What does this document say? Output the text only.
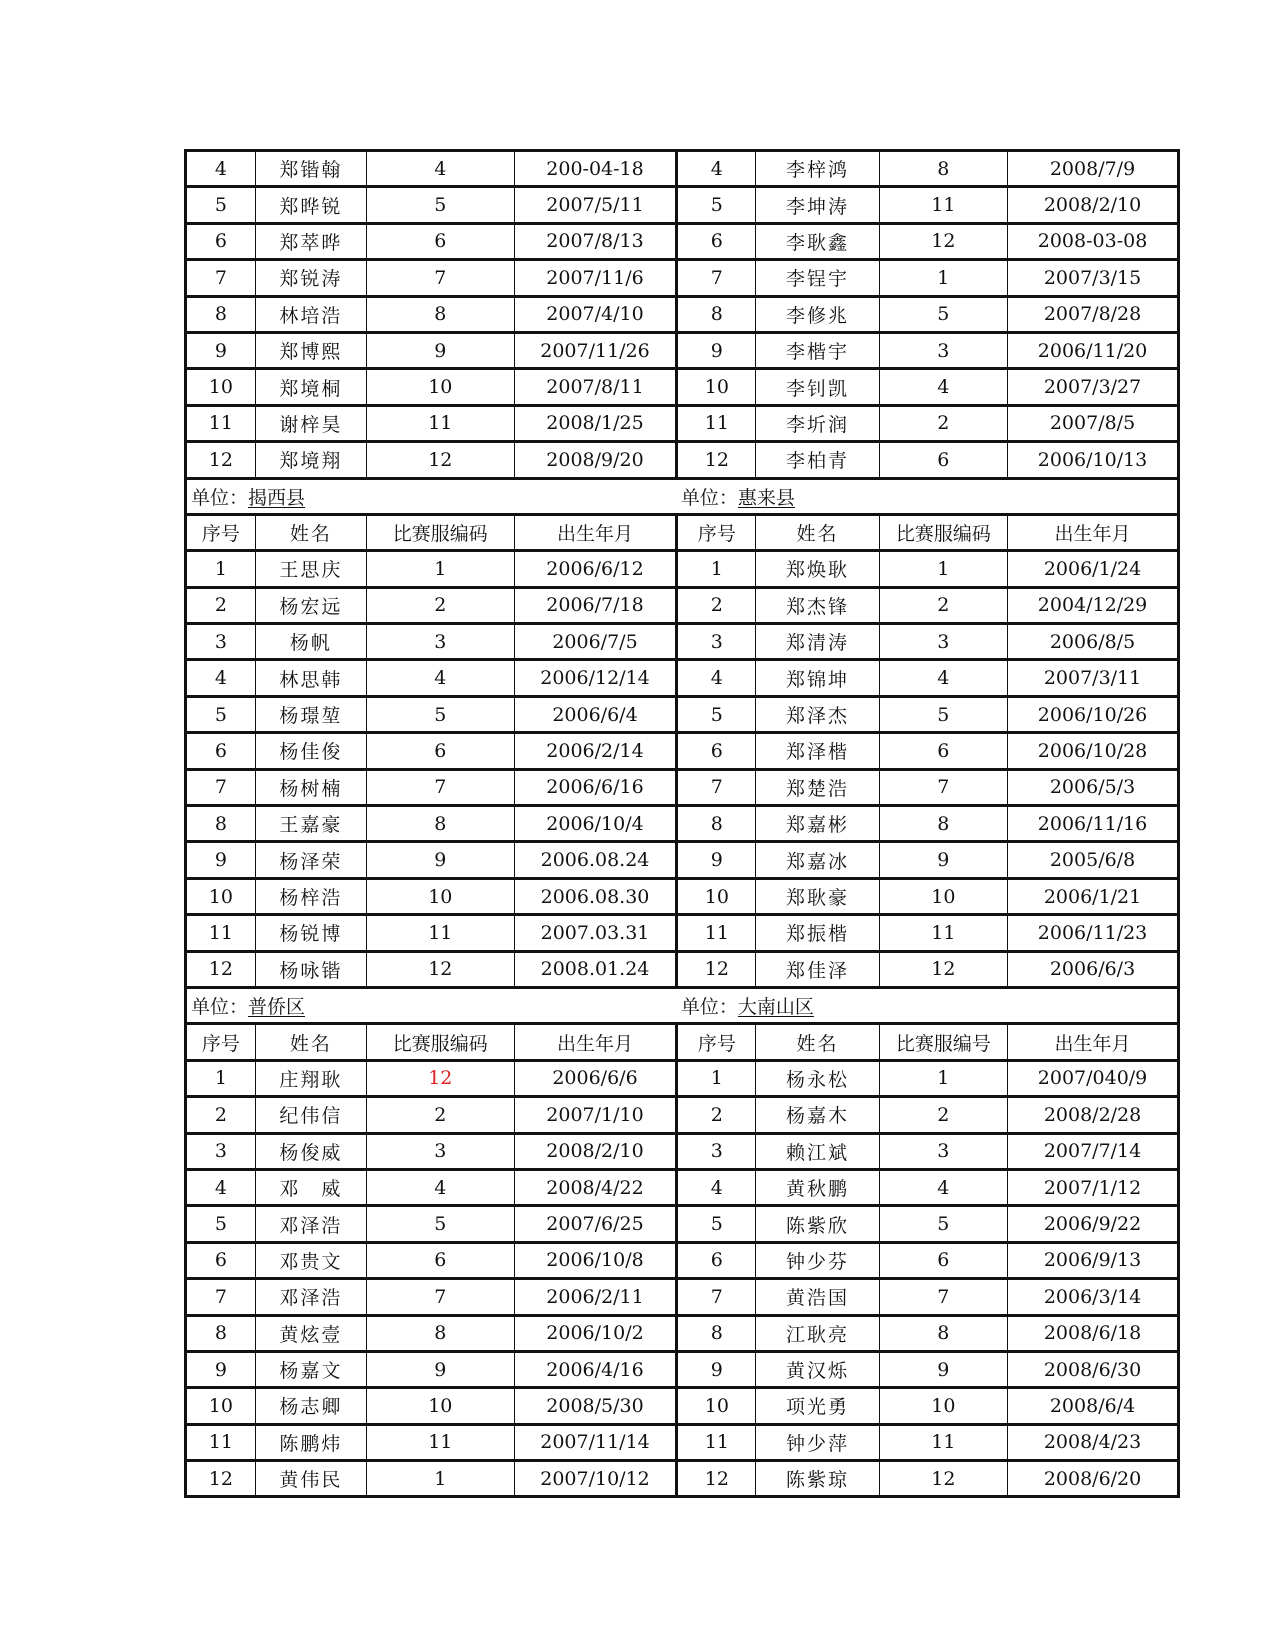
4	郑锴翰	4	200-04-18	4	李梓鸿	8	2008/7/9
5	郑晔锐	5	2007/5/11	5	李坤涛	11	2008/2/10
6	郑萃晔	6	2007/8/13	6	李耿鑫	12	2008-03-08
7	郑锐涛	7	2007/11/6	7	李锃宇	1	2007/3/15
8	林培浩	8	2007/4/10	8	李修兆	5	2007/8/28
9	郑博熙	9	2007/11/26	9	李楷宇	3	2006/11/20
10	郑境桐	10	2007/8/11	10	李钊凯	4	2007/3/27
11	谢梓昊	11	2008/1/25	11	李圻润	2	2007/8/5
12	郑境翔	12	2008/9/20	12	李柏青	6	2006/10/13
单位：揭西县				单位：惠来县			
序号	姓名	比赛服编码	出生年月	序号	姓名	比赛服编码	出生年月
1	王思庆	1	2006/6/12	1	郑焕耿	1	2006/1/24
2	杨宏远	2	2006/7/18	2	郑杰锋	2	2004/12/29
3	杨帆	3	2006/7/5	3	郑清涛	3	2006/8/5
4	林思韩	4	2006/12/14	4	郑锦坤	4	2007/3/11
5	杨璟堃	5	2006/6/4	5	郑泽杰	5	2006/10/26
6	杨佳俊	6	2006/2/14	6	郑泽楷	6	2006/10/28
7	杨树楠	7	2006/6/16	7	郑楚浩	7	2006/5/3
8	王嘉豪	8	2006/10/4	8	郑嘉彬	8	2006/11/16
9	杨泽荣	9	2006.08.24	9	郑嘉冰	9	2005/6/8
10	杨梓浩	10	2006.08.30	10	郑耿豪	10	2006/1/21
11	杨锐博	11	2007.03.31	11	郑振楷	11	2006/11/23
12	杨咏锴	12	2008.01.24	12	郑佳泽	12	2006/6/3
单位：普侨区				单位：大南山区			
序号	姓名	比赛服编码	出生年月	序号	姓名	比赛服编号	出生年月
1	庄翔耿	12	2006/6/6	1	杨永松	1	2007/040/9
2	纪伟信	2	2007/1/10	2	杨嘉木	2	2008/2/28
3	杨俊威	3	2008/2/10	3	赖江斌	3	2007/7/14
4	邓　威	4	2008/4/22	4	黄秋鹏	4	2007/1/12
5	邓泽浩	5	2007/6/25	5	陈紫欣	5	2006/9/22
6	邓贵文	6	2006/10/8	6	钟少芬	6	2006/9/13
7	邓泽浩	7	2006/2/11	7	黄浩国	7	2006/3/14
8	黄炫壹	8	2006/10/2	8	江耿亮	8	2008/6/18
9	杨嘉文	9	2006/4/16	9	黄汉烁	9	2008/6/30
10	杨志卿	10	2008/5/30	10	项光勇	10	2008/6/4
11	陈鹏炜	11	2007/11/14	11	钟少萍	11	2008/4/23
12	黄伟民	1	2007/10/12	12	陈紫琼	12	2008/6/20
